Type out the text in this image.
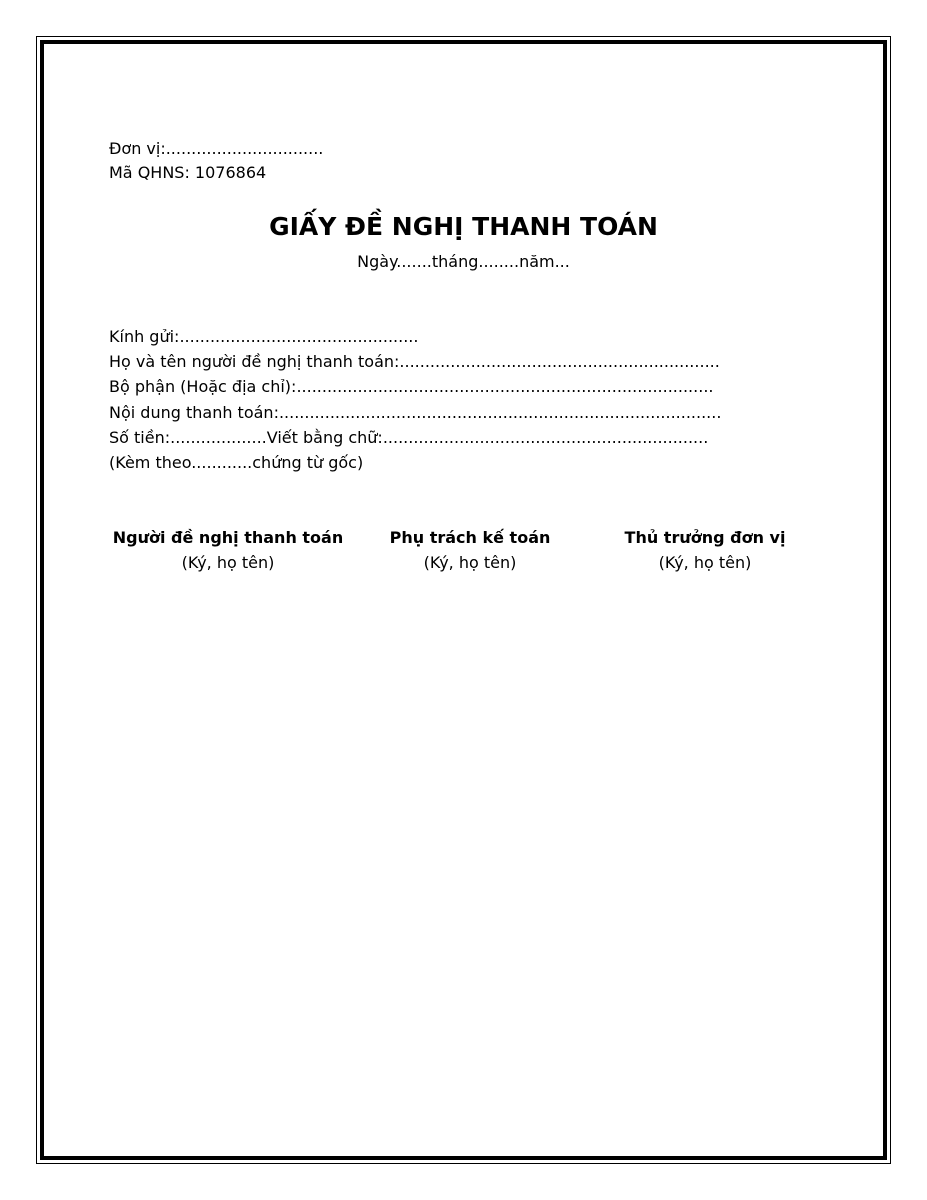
Đơn vị:...............................
Mã QHNS: 1076864
GIẤY ĐỀ NGHỊ THANH TOÁN
Ngày.......tháng........năm...
Kính gửi:...............................................
Họ và tên người đề nghị thanh toán:...............................................................
Bộ phận (Hoặc địa chỉ):..................................................................................
Nội dung thanh toán:.......................................................................................
Số tiền:...................Viết bằng chữ:................................................................
(Kèm theo............chứng từ gốc)
Người đề nghị thanh toán
(Ký, họ tên)
Phụ trách kế toán
(Ký, họ tên)
Thủ trưởng đơn vị
(Ký, họ tên)
